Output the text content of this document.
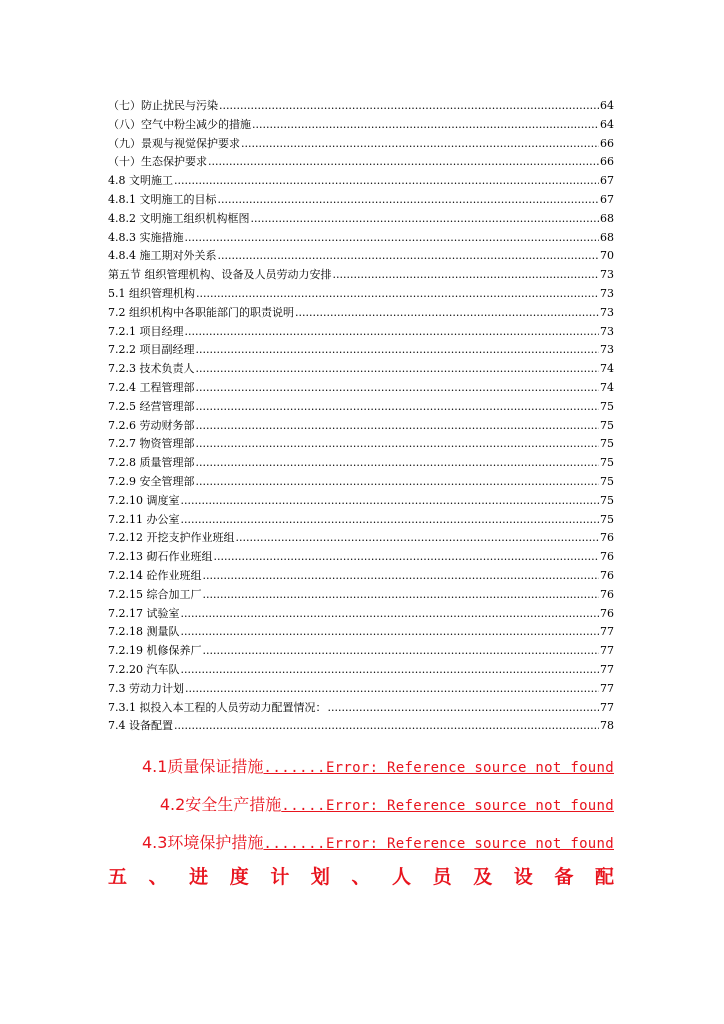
（七）防止扰民与污染 .....	64
（八）空气中粉尘减少的措施 .....	64
（九）景观与视觉保护要求 .....	66
（十）生态保护要求 .....	66
4.8 文明施工 .....	67
4.8.1 文明施工的目标 .....	67
4.8.2 文明施工组织机构框图 .....	68
4.8.3 实施措施 .....	68
4.8.4 施工期对外关系 .....	70
第五节 组织管理机构、设备及人员劳动力安排 .....	73
5.1 组织管理机构 .....	73
7.2 组织机构中各职能部门的职责说明 .....	73
7.2.1 项目经理 .....	73
7.2.2 项目副经理 .....	73
7.2.3 技术负责人 .....	74
7.2.4 工程管理部 .....	74
7.2.5 经营管理部 .....	75
7.2.6 劳动财务部 .....	75
7.2.7 物资管理部 .....	75
7.2.8 质量管理部 .....	75
7.2.9 安全管理部 .....	75
7.2.10 调度室 .....	75
7.2.11 办公室 .....	75
7.2.12 开挖支护作业班组 .....	76
7.2.13 砌石作业班组 .....	76
7.2.14 砼作业班组 .....	76
7.2.15 综合加工厂 .....	76
7.2.17 试验室 .....	76
7.2.18 测量队 .....	77
7.2.19 机修保养厂 .....	77
7.2.20 汽车队 .....	77
7.3 劳动力计划 .....	77
7.3.1 拟投入本工程的人员劳动力配置情况： .....	77
7.4 设备配置 .....	78
4.1质量保证措施 ....... Error: Reference source not found
4.2安全生产措施 ..... Error: Reference source not found
4.3环境保护措施 ....... Error: Reference source not found
五 、 进 度 计 划 、 人 员 及 设 备 配
